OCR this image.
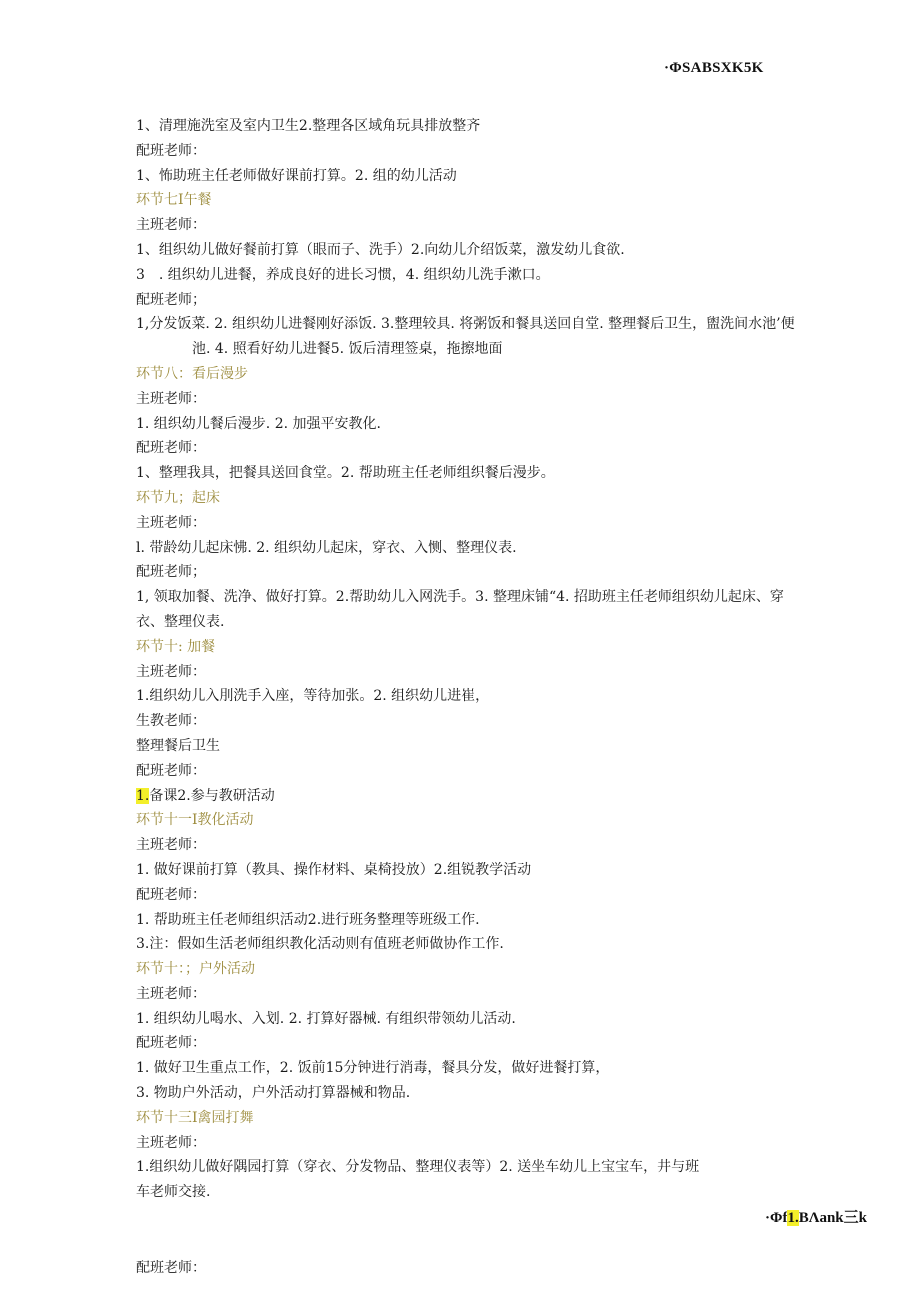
·ΦSABSXK5K
1、清理施洗室及室内卫生2.整理各区域角玩具排放整齐
配班老师：
1、怖助班主任老师做好课前打算。2. 组的幼儿活动
环节七I午餐
主班老师：
1、组织幼儿做好餐前打算（眼而子、洗手）2.向幼儿介绍饭菜，激发幼儿食欲.
3　. 组织幼儿进餐，养成良好的进长习惯，4. 组织幼儿洗手漱口。
配班老师；
1,分发饭菜. 2. 组织幼儿进餐刚好添饭. 3.整理较具. 将粥饭和餐具送回自堂. 整理餐后卫生，盥洗间水池’便
池. 4. 照看好幼儿进餐5. 饭后清理签桌，拖擦地面
环节八：看后漫步
主班老师：
1. 组织幼儿餐后漫步. 2. 加强平安教化.
配班老师：
1、整理我具，把餐具送回食堂。2. 帮助班主任老师组织餐后漫步。
环节九；起床
主班老师：
l. 带龄幼儿起床怫. 2. 组织幼儿起床，穿衣、入恻、整理仪表.
配班老师；
1, 领取加餐、洗净、做好打算。2.帮助幼儿入网洗手。3. 整理床铺“4. 招助班主任老师组织幼儿起床、穿
衣、整理仪表.
环节十: 加餐
主班老师：
1.组织幼儿入刖洗手入座，等待加张。2. 组织幼儿进崔，
生教老师：
整理餐后卫生
配班老师：
1.备课2.参与教研活动
环节十一I教化活动
主班老师：
1. 做好课前打算（教具、操作材料、桌椅投放）2.组锐教学活动
配班老师：
1. 帮助班主任老师组织活动2.进行班务整理等班级工作.
3.注：假如生活老师组织教化活动则有值班老师做协作工作.
环节十：；户外活动
主班老师：
1. 组织幼儿喝水、入划. 2. 打算好器械. 有组织带领幼儿活动.
配班老师：
1. 做好卫生重点工作，2. 饭前15分钟进行消毒，餐具分发，做好进餐打算，
3. 物助户外活动，户外活动打算器械和物品.
环节十三I禽园打舞
主班老师：
1.组织幼儿做好隅园打算（穿衣、分发物品、整理仪表等）2. 送坐车幼儿上宝宝车，井与班
车老师交接.
·Φf1.BΛank三k
配班老师：
